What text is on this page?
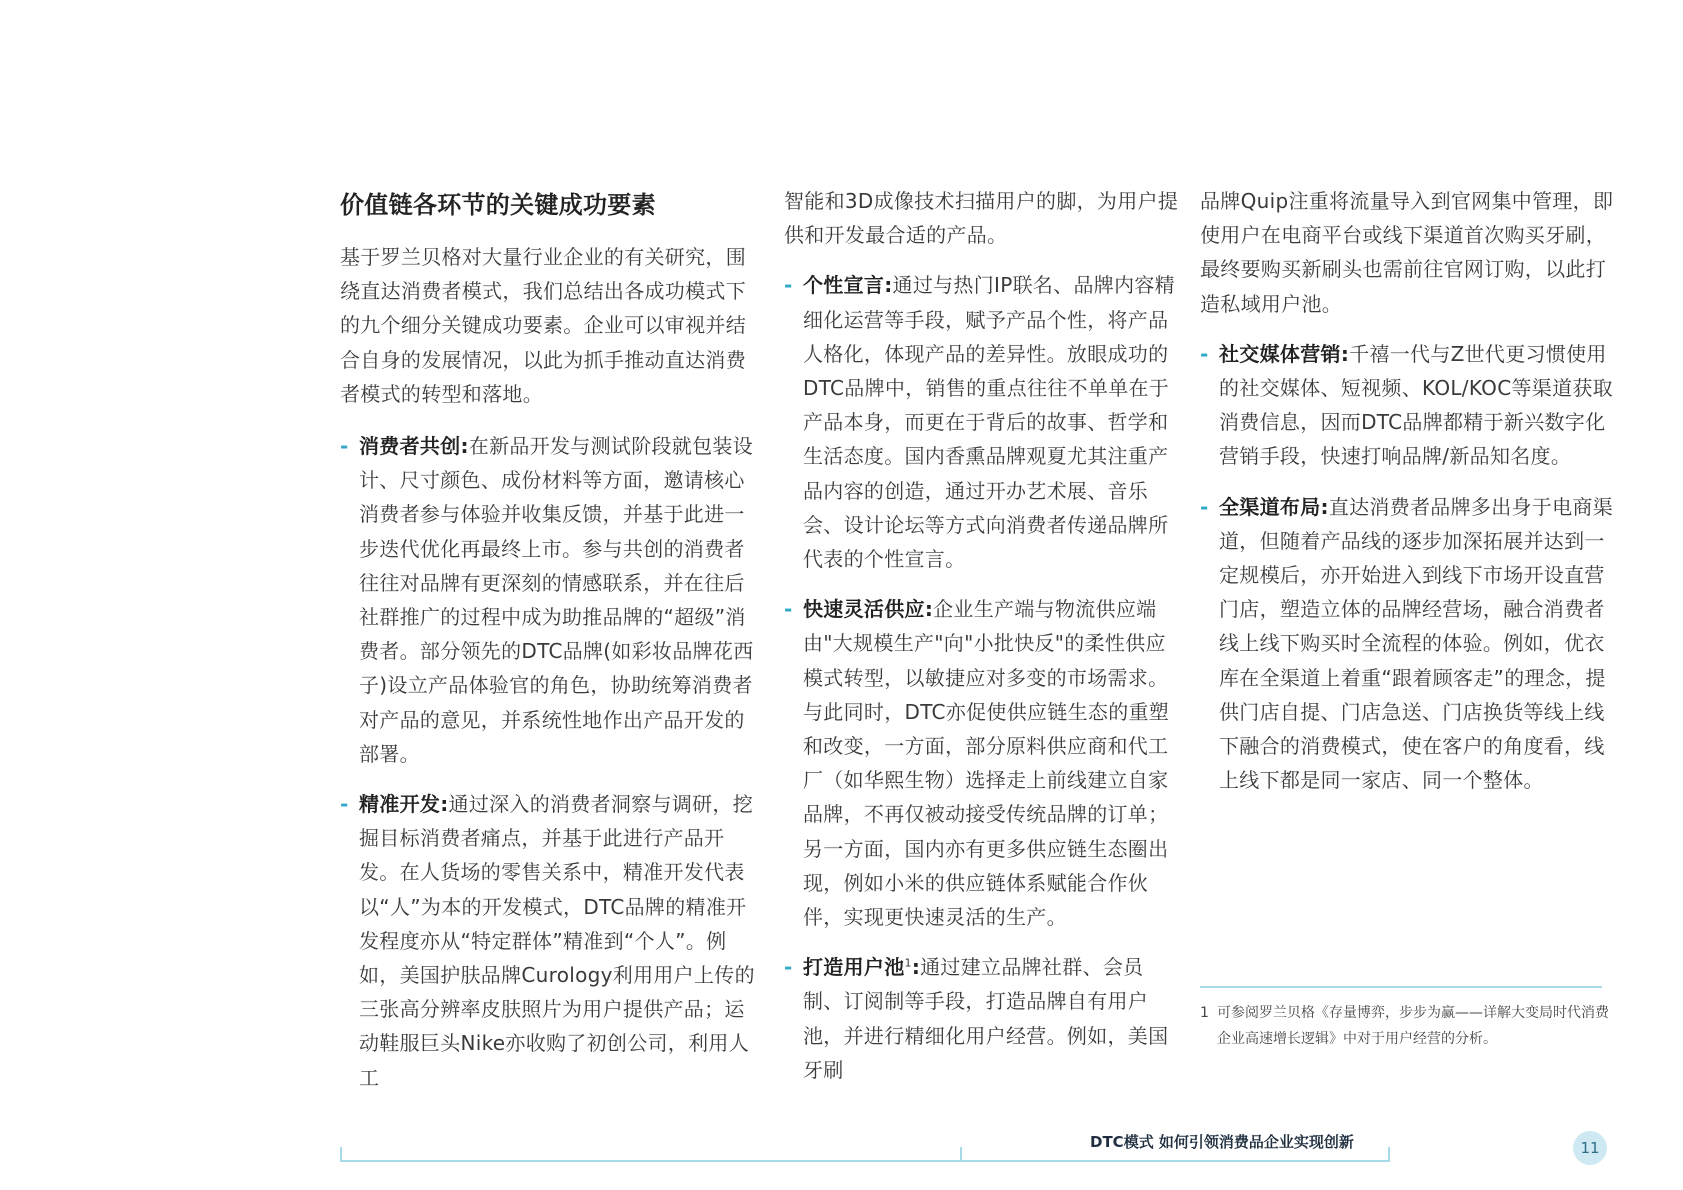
价值链各环节的关键成功要素

基于罗兰贝格对大量行业企业的有关研究，围绕直达消费者模式，我们总结出各成功模式下的九个细分关键成功要素。企业可以审视并结合自身的发展情况，以此为抓手推动直达消费者模式的转型和落地。

- 消费者共创:在新品开发与测试阶段就包装设计、尺寸颜色、成份材料等方面，邀请核心消费者参与体验并收集反馈，并基于此进一步迭代优化再最终上市。参与共创的消费者往往对品牌有更深刻的情感联系，并在往后社群推广的过程中成为助推品牌的“超级”消费者。部分领先的DTC品牌(如彩妆品牌花西子)设立产品体验官的角色，协助统筹消费者对产品的意见，并系统性地作出产品开发的部署。
- 精准开发:通过深入的消费者洞察与调研，挖掘目标消费者痛点，并基于此进行产品开发。在人货场的零售关系中，精准开发代表以“人”为本的开发模式，DTC品牌的精准开发程度亦从“特定群体”精准到“个人”。例如，美国护肤品牌Curology利用用户上传的三张高分辨率皮肤照片为用户提供产品；运动鞋服巨头Nike亦收购了初创公司，利用人工

智能和3D成像技术扫描用户的脚，为用户提供和开发最合适的产品。

- 个性宣言:通过与热门IP联名、品牌内容精细化运营等手段，赋予产品个性，将产品人格化，体现产品的差异性。放眼成功的DTC品牌中，销售的重点往往不单单在于产品本身，而更在于背后的故事、哲学和生活态度。国内香熏品牌观夏尤其注重产品内容的创造，通过开办艺术展、音乐会、设计论坛等方式向消费者传递品牌所代表的个性宣言。
- 快速灵活供应:企业生产端与物流供应端由"大规模生产"向"小批快反"的柔性供应模式转型，以敏捷应对多变的市场需求。与此同时，DTC亦促使供应链生态的重塑和改变，一方面，部分原料供应商和代工厂（如华熙生物）选择走上前线建立自家品牌，不再仅被动接受传统品牌的订单；另一方面，国内亦有更多供应链生态圈出现，例如小米的供应链体系赋能合作伙伴，实现更快速灵活的生产。
- 打造用户池$^1$:通过建立品牌社群、会员制、订阅制等手段，打造品牌自有用户池，并进行精细化用户经营。例如，美国牙刷

品牌Quip注重将流量导入到官网集中管理，即使用户在电商平台或线下渠道首次购买牙刷，最终要购买新刷头也需前往官网订购，以此打造私域用户池。

- 社交媒体营销:千禧一代与Z世代更习惯使用的社交媒体、短视频、KOL/KOC等渠道获取消费信息，因而DTC品牌都精于新兴数字化营销手段，快速打响品牌/新品知名度。
- 全渠道布局:直达消费者品牌多出身于电商渠道，但随着产品线的逐步加深拓展并达到一定规模后，亦开始进入到线下市场开设直营门店，塑造立体的品牌经营场，融合消费者线上线下购买时全流程的体验。例如，优衣库在全渠道上着重“跟着顾客走”的理念，提供门店自提、门店急送、门店换货等线上线下融合的消费模式，使在客户的角度看，线上线下都是同一家店、同一个整体。
1 可参阅罗兰贝格《存量博弈，步步为赢——详解大变局时代消费企业高速增长逻辑》中对于用户经营的分析。
DTC模式 如何引领消费品企业实现创新	11
